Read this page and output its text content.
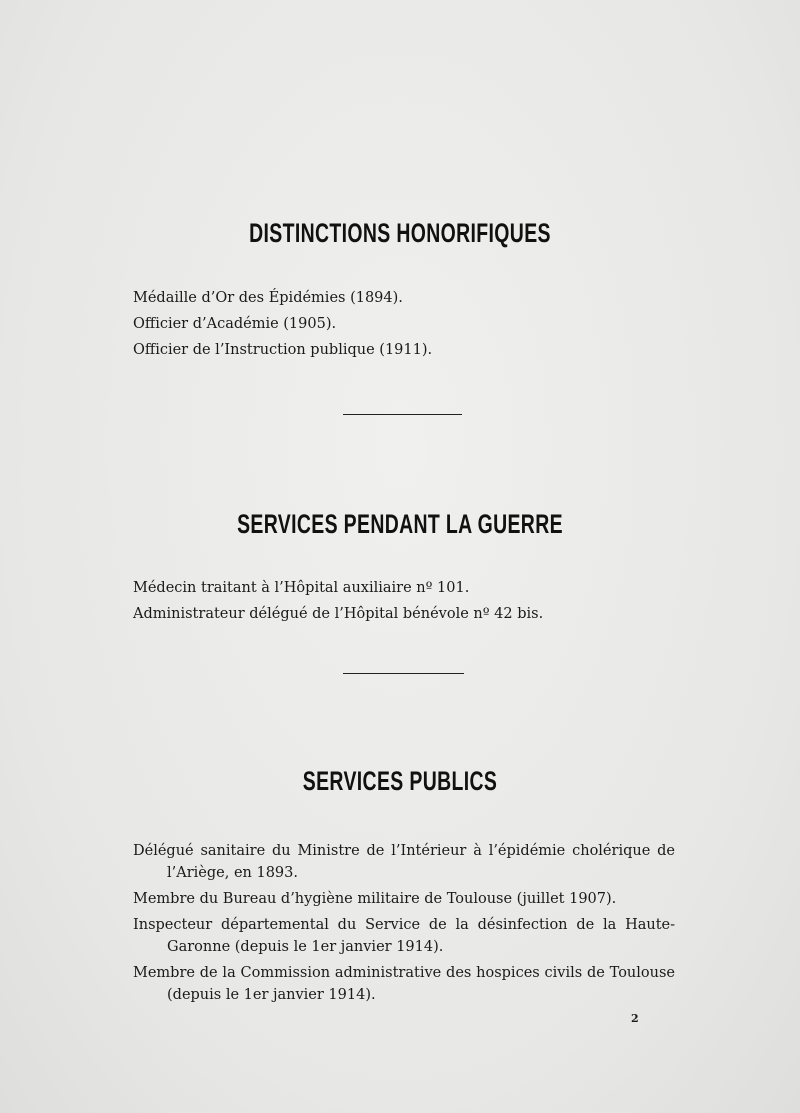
DISTINCTIONS HONORIFIQUES
Médaille d’Or des Épidémies (1894).
Officier d’Académie (1905).
Officier de l’Instruction publique (1911).
SERVICES PENDANT LA GUERRE
Médecin traitant à l’Hôpital auxiliaire nº 101.
Administrateur délégué de l’Hôpital bénévole nº 42 bis.
SERVICES PUBLICS
Délégué sanitaire du Ministre de l’Intérieur à l’épidémie cholérique de l’Ariège, en 1893.
Membre du Bureau d’hygiène militaire de Toulouse (juillet 1907).
Inspecteur départemental du Service de la désinfection de la Haute-Garonne (depuis le 1er janvier 1914).
Membre de la Commission administrative des hospices civils de Toulouse (depuis le 1er janvier 1914).
2
